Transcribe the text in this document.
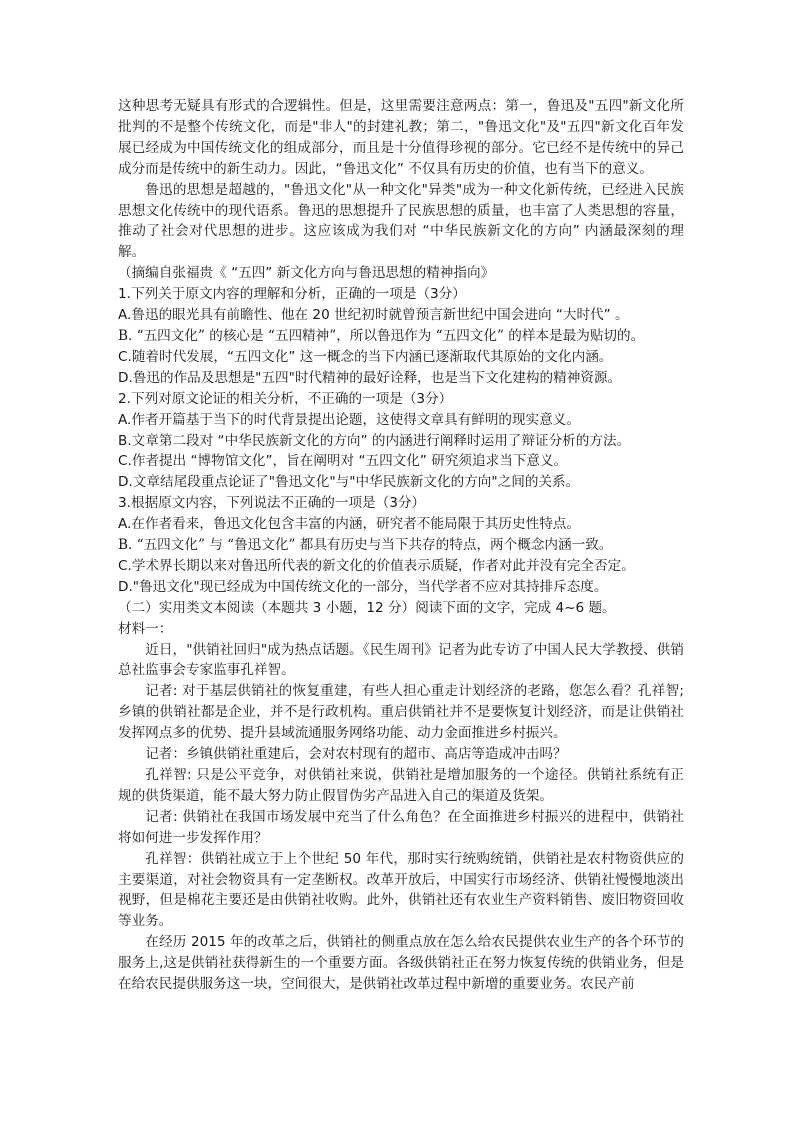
这种思考无疑具有形式的合逻辑性。但是，这里需要注意两点：第一，鲁迅及"五四"新文化所批判的不是整个传统文化，而是"非人"的封建礼教；第二，"鲁迅文化"及"五四"新文化百年发展已经成为中国传统文化的组成部分，而且是十分值得珍视的部分。它已经不是传统中的异己成分而是传统中的新生动力。因此，“鲁迅文化” 不仅具有历史的价值，也有当下的意义。

鲁迅的思想是超越的，"鲁迅文化"从一种文化"异类"成为一种文化新传统，已经进入民族思想文化传统中的现代语系。鲁迅的思想提升了民族思想的质量，也丰富了人类思想的容量，推动了社会对代思想的进步。这应该成为我们对 “中华民族新文化的方向” 内涵最深刻的理解。

（摘编自张福贵《 “五四” 新文化方向与鲁迅思想的精神指向》

1.下列关于原文内容的理解和分析，正确的一项是（3分）

A.鲁迅的眼光具有前瞻性、他在 20 世纪初时就曾预言新世纪中国会进向 “大时代” 。

B. “五四文化” 的核心是 “五四精神”，所以鲁迅作为 “五四文化” 的样本是最为贴切的。

C.随着时代发展，“五四文化” 这一概念的当下内涵已逐渐取代其原始的文化内涵。

D.鲁迅的作品及思想是"五四"时代精神的最好诠释，也是当下文化建构的精神资源。

2.下列对原文论证的相关分析，不正确的一项是（3分）

A.作者开篇基于当下的时代背景提出论题，这使得文章具有鲜明的现实意义。

B.文章第二段对 “中华民族新文化的方向” 的内涵进行阐释时运用了辩证分析的方法。

C.作者提出 “博物馆文化”，旨在阐明对 “五四文化” 研究须追求当下意义。

D.文章结尾段重点论证了"鲁迅文化"与"中华民族新文化的方向"之间的关系。

3.根据原文内容，下列说法不正确的一项是（3分）

A.在作者看来，鲁迅文化包含丰富的内涵，研究者不能局限于其历史性特点。

B. “五四文化” 与 “鲁迅文化” 都具有历史与当下共存的特点，两个概念内涵一致。

C.学术界长期以来对鲁迅所代表的新文化的价值表示质疑，作者对此并没有完全否定。

D."鲁迅文化"现已经成为中国传统文化的一部分，当代学者不应对其持排斥态度。

（二）实用类文本阅读（本题共 3 小题，12 分）阅读下面的文字，完成 4~6 题。

材料一：

近日，"供销社回归"成为热点话题。《民生周刊》记者为此专访了中国人民大学教授、供销总社监事会专家监事孔祥智。

记者: 对于基层供销社的恢复重建，有些人担心重走计划经济的老路，您怎么看？孔祥智; 乡镇的供销社都是企业，并不是行政机构。重启供销社并不是要恢复计划经济，而是让供销社发挥网点多的优势、提升县域流通服务网络功能、动力金面推进乡村振兴。

记者：乡镇供销社重建后，会对农村现有的超市、高店等造成冲击吗？

孔祥智: 只是公平竞争，对供销社来说，供销社是增加服务的一个途径。供销社系统有正规的供货渠道，能不最大努力防止假冒伪劣产品进入自己的渠道及货架。

记者: 供销社在我国市场发展中充当了什么角色？在全面推进乡村振兴的进程中，供销社将如何进一步发挥作用？

孔祥智：供销社成立于上个世纪 50 年代，那时实行统购统销，供销社是农村物资供应的主要渠道，对社会物资具有一定垄断权。改革开放后，中国实行市场经济、供销社慢慢地淡出视野，但是棉花主要还是由供销社收购。此外，供销社还有农业生产资料销售、废旧物资回收等业务。

在经历 2015 年的改革之后，供销社的侧重点放在怎么给农民提供农业生产的各个环节的服务上,这是供销社获得新生的一个重要方面。各级供销社正在努力恢复传统的供销业务，但是在给农民提供服务这一块，空间很大，是供销社改革过程中新增的重要业务。农民产前
